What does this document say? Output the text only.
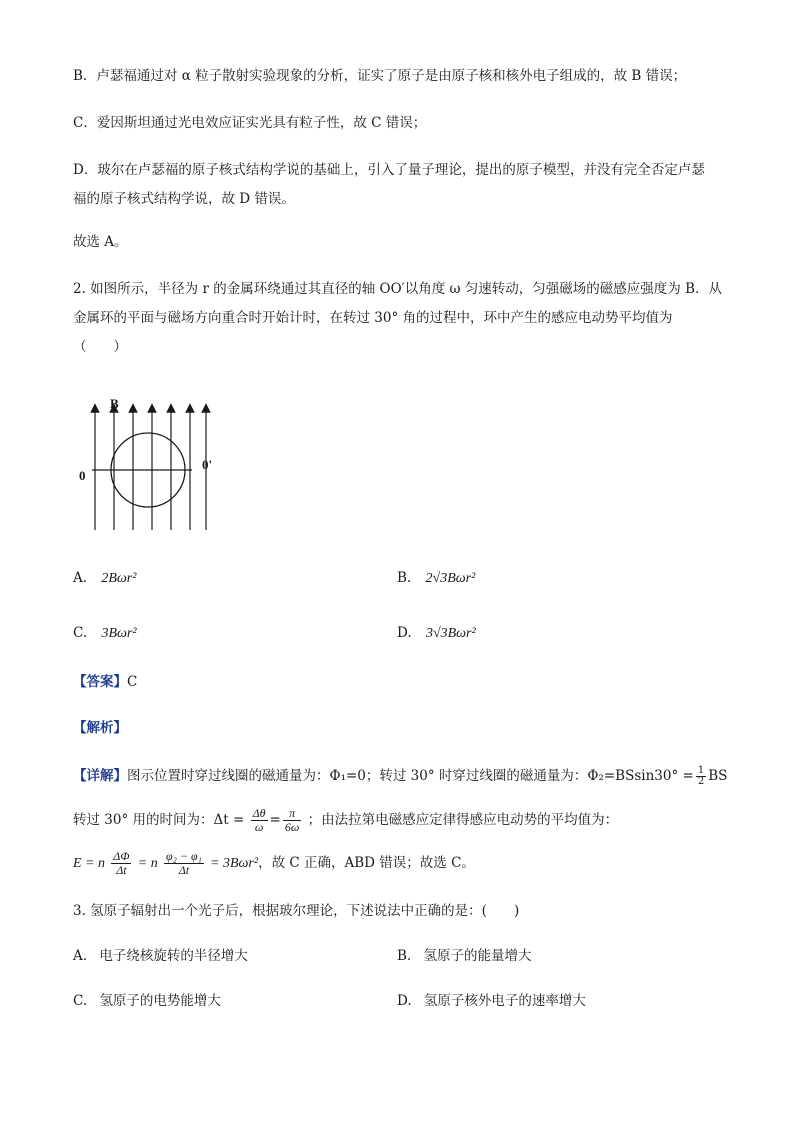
B．卢瑟福通过对 α 粒子散射实验现象的分析，证实了原子是由原子核和核外电子组成的，故 B 错误；
C．爱因斯坦通过光电效应证实光具有粒子性，故 C 错误；
D．玻尔在卢瑟福的原子核式结构学说的基础上，引入了量子理论，提出的原子模型，并没有完全否定卢瑟
福的原子核式结构学说，故 D 错误。
故选 A。
2. 如图所示，半径为 r 的金属环绕通过其直径的轴 OO′以角度 ω 匀速转动，匀强磁场的磁感应强度为 B．从
金属环的平面与磁场方向重合时开始计时，在转过 30° 角的过程中，环中产生的感应电动势平均值为
（　　）
B
0
0'
A. 2Bωr²	B. 2√3Bωr²
C. 3Bωr²	D. 3√3Bωr²
【答案】C
【解析】
【详解】图示位置时穿过线圈的磁通量为：Φ₁=0；转过 30° 时穿过线圈的磁通量为：$\Phi_2=BSsin30^\circ = \frac{1}{2}$ BS
转过 30° 用的时间为：$\Delta t = \frac{\Delta\theta}{\omega} = \frac{\pi}{6\omega}$ ；由法拉第电磁感应定律得感应电动势的平均值为：
E = n $\frac{\Delta\Phi}{\Delta t} = n \frac{\text{φ₂ − φ₁}}{\Delta t} = 3B\omega r^2$，故 C 正确，ABD 错误；故选 C。
3. 氢原子辐射出一个光子后，根据玻尔理论，下述说法中正确的是：(　　)
A. 电子绕核旋转的半径增大	B. 氢原子的能量增大
C. 氢原子的电势能增大	D. 氢原子核外电子的速率增大
